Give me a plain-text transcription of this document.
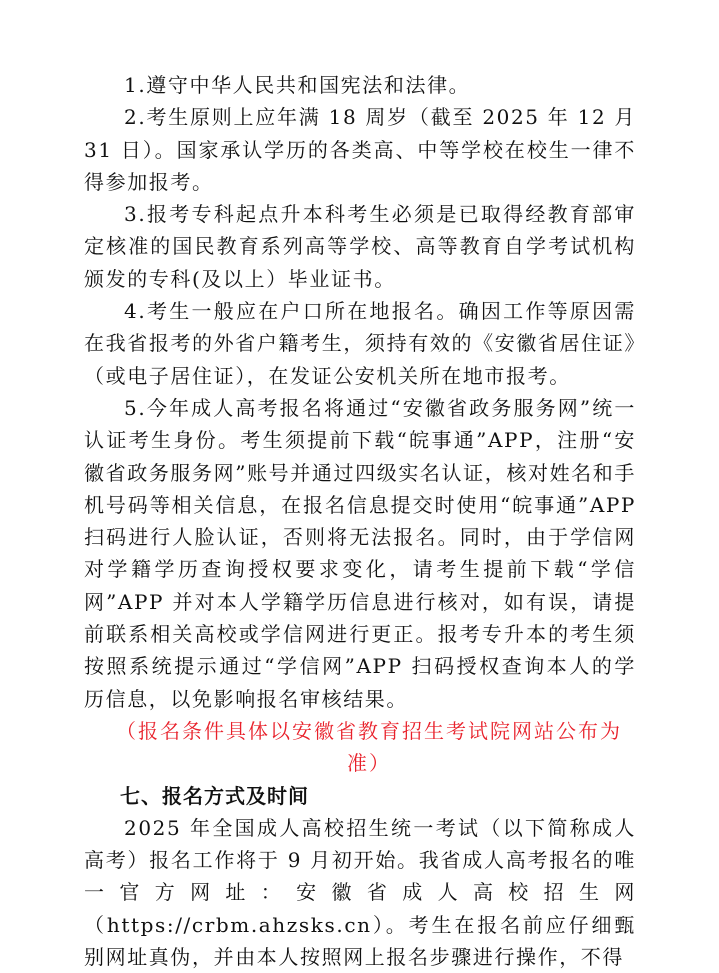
1.遵守中华人民共和国宪法和法律。

2.考生原则上应年满 18 周岁（截至 2025 年 12 月 31 日）。国家承认学历的各类高、中等学校在校生一律不得参加报考。

3.报考专科起点升本科考生必须是已取得经教育部审定核准的国民教育系列高等学校、高等教育自学考试机构颁发的专科(及以上）毕业证书。

4.考生一般应在户口所在地报名。确因工作等原因需在我省报考的外省户籍考生，须持有效的《安徽省居住证》（或电子居住证），在发证公安机关所在地市报考。

5.今年成人高考报名将通过“安徽省政务服务网”统一认证考生身份。考生须提前下载“皖事通”APP，注册“安徽省政务服务网”账号并通过四级实名认证，核对姓名和手机号码等相关信息，在报名信息提交时使用“皖事通”APP 扫码进行人脸认证，否则将无法报名。同时，由于学信网对学籍学历查询授权要求变化，请考生提前下载“学信网”APP 并对本人学籍学历信息进行核对，如有误，请提前联系相关高校或学信网进行更正。报考专升本的考生须按照系统提示通过“学信网”APP 扫码授权查询本人的学历信息，以免影响报名审核结果。

（报名条件具体以安徽省教育招生考试院网站公布为准）

七、报名方式及时间

2025 年全国成人高校招生统一考试（以下简称成人高考）报名工作将于 9 月初开始。我省成人高考报名的唯一官方网址：安徽省成人高校招生网（https://crbm.ahzsks.cn）。考生在报名前应仔细甄别网址真伪，并由本人按照网上报名步骤进行操作，不得
